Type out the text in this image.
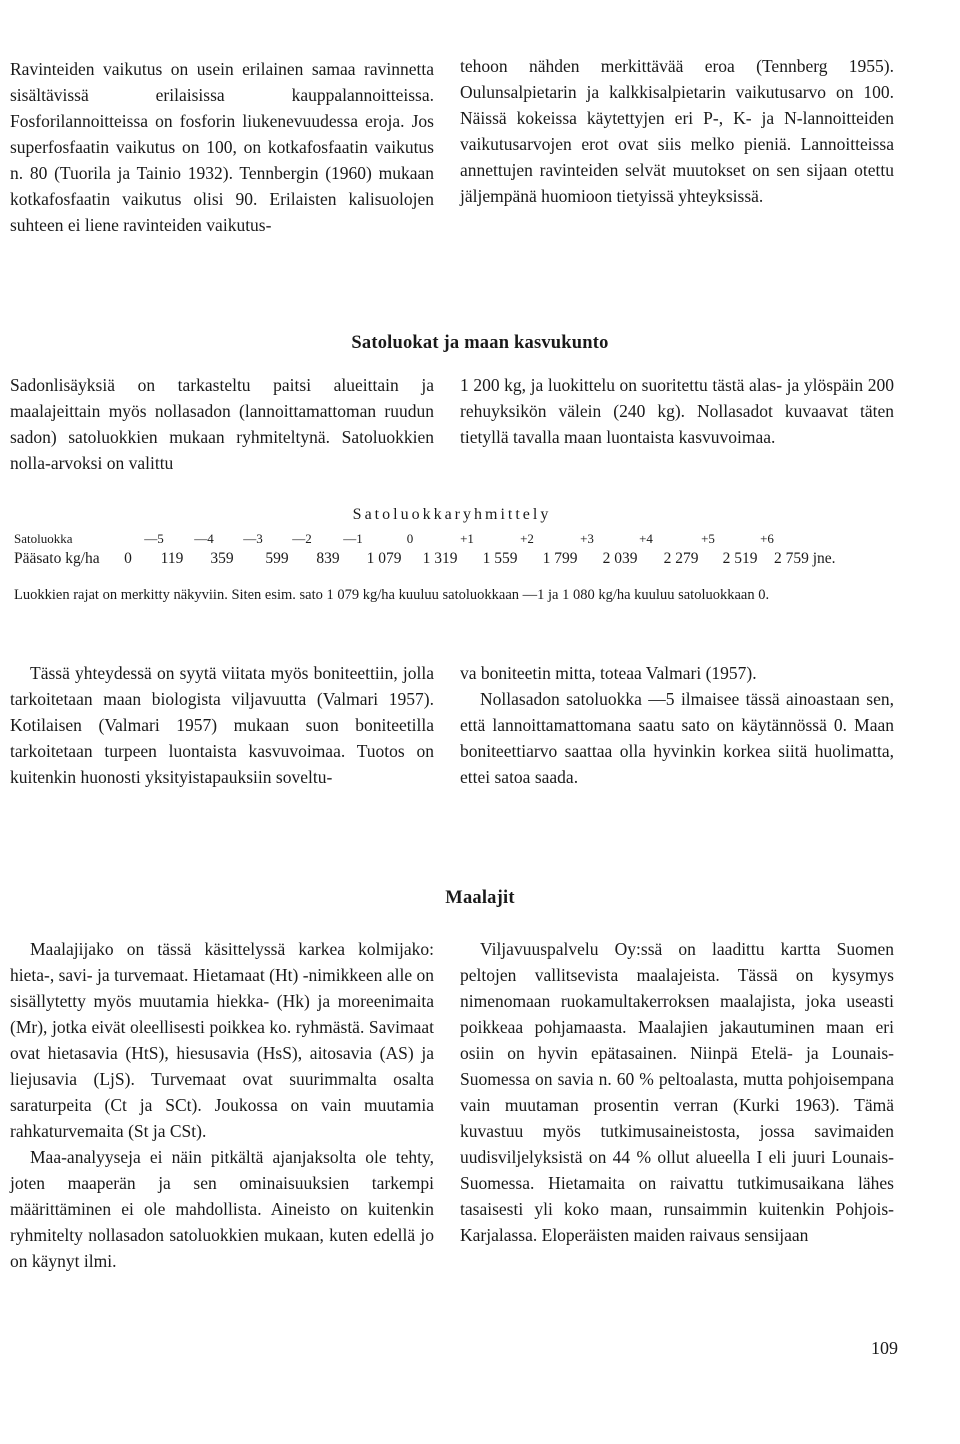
Ravinteiden vaikutus on usein erilainen samaa ravinnetta sisältävissä erilaisissa kauppalannoitteissa. Fosforilannoitteissa on fosforin liukenevuudessa eroja. Jos superfosfaatin vaikutus on 100, on kotkafosfaatin vaikutus n. 80 (Tuorila ja Tainio 1932). Tennbergin (1960) mukaan kotkafosfaatin vaikutus olisi 90. Erilaisten kalisuolojen suhteen ei liene ravinteiden vaikutus-

tehoon nähden merkittävää eroa (Tennberg 1955). Oulunsalpietarin ja kalkkisalpietarin vaikutusarvo on 100. Näissä kokeissa käytettyjen eri P-, K- ja N-lannoitteiden vaikutusarvojen erot ovat siis melko pieniä. Lannoitteissa annettujen ravinteiden selvät muutokset on sen sijaan otettu jäljempänä huomioon tietyissä yhteyksissä.

Satoluokat ja maan kasvukunto

Sadonlisäyksiä on tarkasteltu paitsi alueittain ja maalajeittain myös nollasadon (lannoittamattoman ruudun sadon) satoluokkien mukaan ryhmiteltynä. Satoluokkien nolla-arvoksi on valittu

1 200 kg, ja luokittelu on suoritettu tästä alas- ja ylöspäin 200 rehuyksikön välein (240 kg). Nollasadot kuvaavat täten tietyllä tavalla maan luontaista kasvuvoimaa.

Satoluokkaryhmittely
Satoluokka	—5	—4	—3	—2	—1	0	+1	+2	+3	+4	+5	+6
Pääsato kg/ha	0	119	359	599	839	1 079	1 319	1 559	1 799	2 039	2 279	2 519	2 759 jne.
Luokkien rajat on merkitty näkyviin. Siten esim. sato 1 079 kg/ha kuuluu satoluokkaan —1 ja 1 080 kg/ha kuuluu satoluokkaan 0.

Tässä yhteydessä on syytä viitata myös boniteettiin, jolla tarkoitetaan maan biologista viljavuutta (Valmari 1957). Kotilaisen (Valmari 1957) mukaan suon boniteetilla tarkoitetaan turpeen luontaista kasvuvoimaa. Tuotos on kuitenkin huonosti yksityistapauksiin soveltu-

va boniteetin mitta, toteaa Valmari (1957).

Nollasadon satoluokka —5 ilmaisee tässä ainoastaan sen, että lannoittamattomana saatu sato on käytännössä 0. Maan boniteettiarvo saattaa olla hyvinkin korkea siitä huolimatta, ettei satoa saada.

Maalajit

Maalajijako on tässä käsittelyssä karkea kolmijako: hieta-, savi- ja turvemaat. Hietamaat (Ht) -nimikkeen alle on sisällytetty myös muutamia hiekka- (Hk) ja moreenimaita (Mr), jotka eivät oleellisesti poikkea ko. ryhmästä. Savimaat ovat hietasavia (HtS), hiesusavia (HsS), aitosavia (AS) ja liejusavia (LjS). Turvemaat ovat suurimmalta osalta saraturpeita (Ct ja SCt). Joukossa on vain muutamia rahkaturvemaita (St ja CSt).

Maa-analyyseja ei näin pitkältä ajanjaksolta ole tehty, joten maaperän ja sen ominaisuuksien tarkempi määrittäminen ei ole mahdollista. Aineisto on kuitenkin ryhmitelty nollasadon satoluokkien mukaan, kuten edellä jo on käynyt ilmi.

Viljavuuspalvelu Oy:ssä on laadittu kartta Suomen peltojen vallitsevista maalajeista. Tässä on kysymys nimenomaan ruokamultakerroksen maalajista, joka useasti poikkeaa pohjamaasta. Maalajien jakautuminen maan eri osiin on hyvin epätasainen. Niinpä Etelä- ja Lounais-Suomessa on savia n. 60 % peltoalasta, mutta pohjoisempana vain muutaman prosentin verran (Kurki 1963). Tämä kuvastuu myös tutkimusaineistosta, jossa savimaiden uudisviljelyksistä on 44 % ollut alueella I eli juuri Lounais-Suomessa. Hietamaita on raivattu tutkimusaikana lähes tasaisesti yli koko maan, runsaimmin kuitenkin Pohjois-Karjalassa. Eloperäisten maiden raivaus sensijaan

109
